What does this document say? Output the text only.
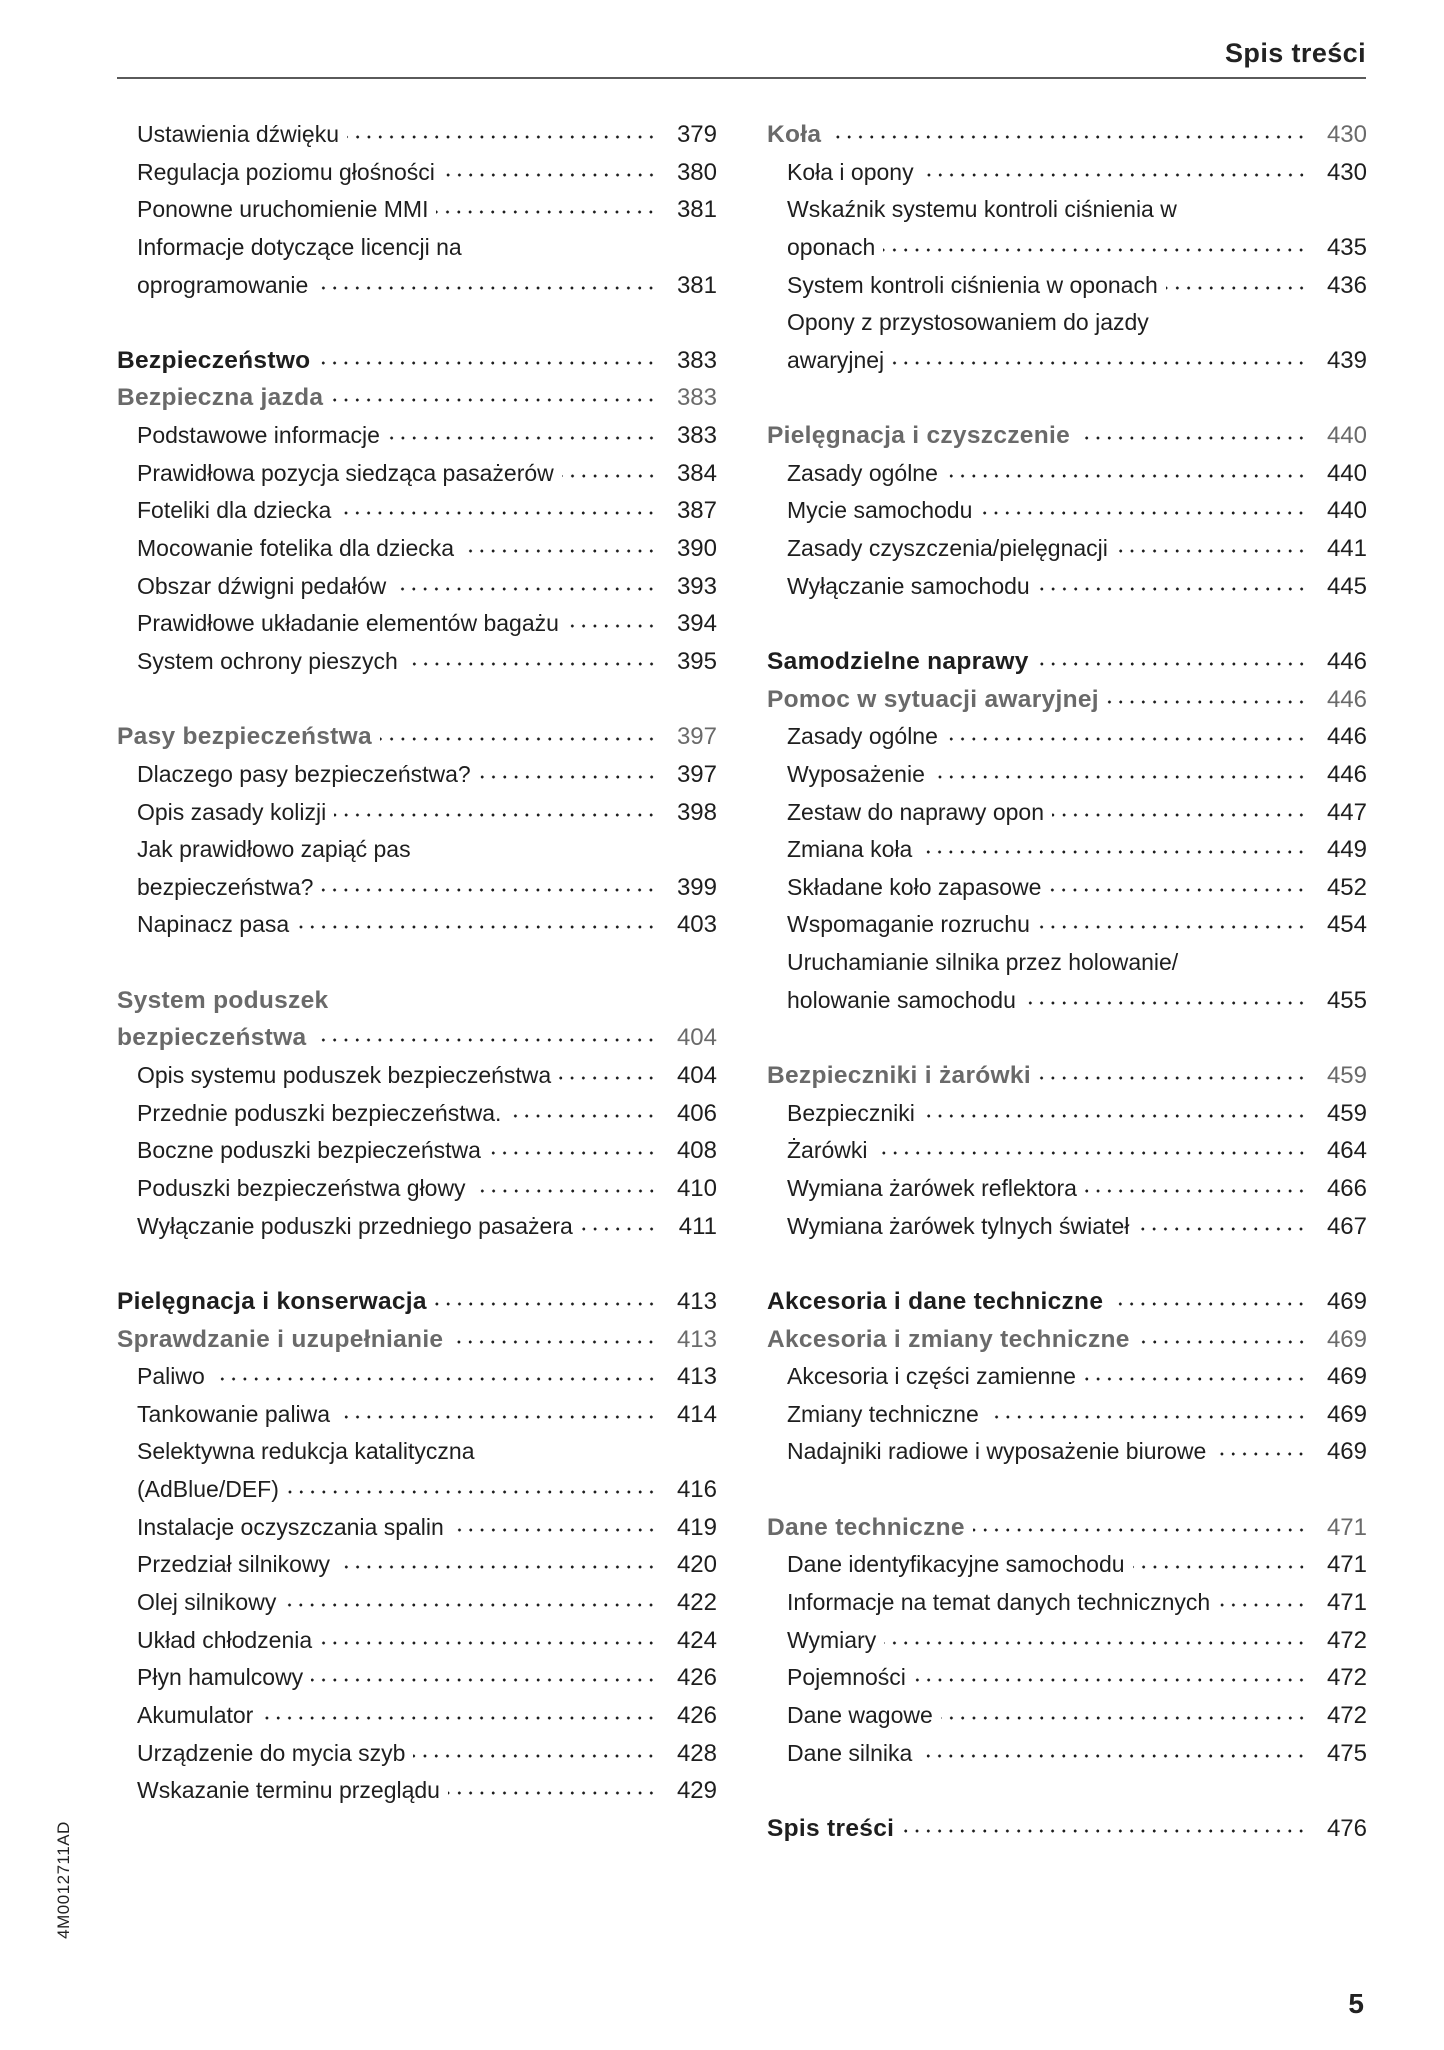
Spis treści
Ustawienia dźwięku	379
Regulacja poziomu głośności	380
Ponowne uruchomienie MMI	381
Informacje dotyczące licencji na
oprogramowanie	381
Bezpieczeństwo	383
Bezpieczna jazda	383
Podstawowe informacje	383
Prawidłowa pozycja siedząca pasażerów	384
Foteliki dla dziecka	387
Mocowanie fotelika dla dziecka	390
Obszar dźwigni pedałów	393
Prawidłowe układanie elementów bagażu	394
System ochrony pieszych	395
Pasy bezpieczeństwa	397
Dlaczego pasy bezpieczeństwa?	397
Opis zasady kolizji	398
Jak prawidłowo zapiąć pas
bezpieczeństwa?	399
Napinacz pasa	403
System poduszek
bezpieczeństwa	404
Opis systemu poduszek bezpieczeństwa	404
Przednie poduszki bezpieczeństwa.	406
Boczne poduszki bezpieczeństwa	408
Poduszki bezpieczeństwa głowy	410
Wyłączanie poduszki przedniego pasażera	411
Pielęgnacja i konserwacja	413
Sprawdzanie i uzupełnianie	413
Paliwo	413
Tankowanie paliwa	414
Selektywna redukcja katalityczna
(AdBlue/DEF)	416
Instalacje oczyszczania spalin	419
Przedział silnikowy	420
Olej silnikowy	422
Układ chłodzenia	424
Płyn hamulcowy	426
Akumulator	426
Urządzenie do mycia szyb	428
Wskazanie terminu przeglądu	429
Koła	430
Koła i opony	430
Wskaźnik systemu kontroli ciśnienia w
oponach	435
System kontroli ciśnienia w oponach	436
Opony z przystosowaniem do jazdy
awaryjnej	439
Pielęgnacja i czyszczenie	440
Zasady ogólne	440
Mycie samochodu	440
Zasady czyszczenia/pielęgnacji	441
Wyłączanie samochodu	445
Samodzielne naprawy	446
Pomoc w sytuacji awaryjnej	446
Zasady ogólne	446
Wyposażenie	446
Zestaw do naprawy opon	447
Zmiana koła	449
Składane koło zapasowe	452
Wspomaganie rozruchu	454
Uruchamianie silnika przez holowanie/
holowanie samochodu	455
Bezpieczniki i żarówki	459
Bezpieczniki	459
Żarówki	464
Wymiana żarówek reflektora	466
Wymiana żarówek tylnych świateł	467
Akcesoria i dane techniczne	469
Akcesoria i zmiany techniczne	469
Akcesoria i części zamienne	469
Zmiany techniczne	469
Nadajniki radiowe i wyposażenie biurowe	469
Dane techniczne	471
Dane identyfikacyjne samochodu	471
Informacje na temat danych technicznych	471
Wymiary	472
Pojemności	472
Dane wagowe	472
Dane silnika	475
Spis treści	476
4M0012711AD
5
